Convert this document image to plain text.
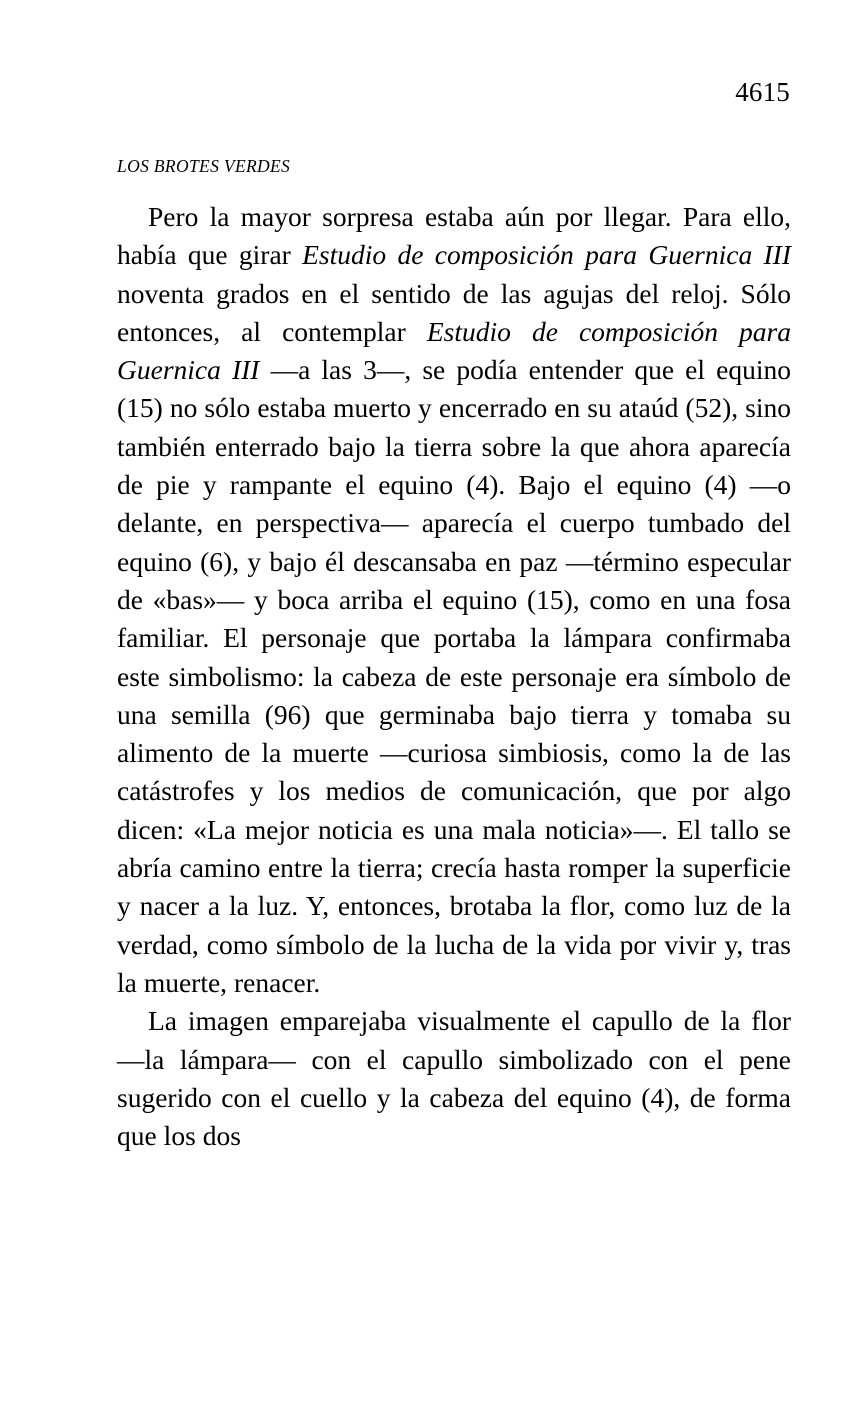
4615
LOS BROTES VERDES

Pero la mayor sorpresa estaba aún por llegar. Para ello, había que girar Estudio de composición para Guernica III noventa grados en el sentido de las agujas del reloj. Sólo entonces, al contemplar Estudio de composición para Guernica III —a las 3—, se podía entender que el equino (15) no sólo estaba muerto y encerrado en su ataúd (52), sino también enterrado bajo la tierra sobre la que ahora aparecía de pie y rampante el equino (4). Bajo el equino (4) —o delante, en perspectiva— aparecía el cuerpo tumbado del equino (6), y bajo él descansaba en paz —término especular de «bas»— y boca arriba el equino (15), como en una fosa familiar. El personaje que portaba la lámpara confirmaba este simbolismo: la cabeza de este personaje era símbolo de una semilla (96) que germinaba bajo tierra y tomaba su alimento de la muerte —curiosa simbiosis, como la de las catástrofes y los medios de comunicación, que por algo dicen: «La mejor noticia es una mala noticia»—. El tallo se abría camino entre la tierra; crecía hasta romper la superficie y nacer a la luz. Y, entonces, brotaba la flor, como luz de la verdad, como símbolo de la lucha de la vida por vivir y, tras la muerte, renacer.

La imagen emparejaba visualmente el capullo de la flor —la lámpara— con el capullo simbolizado con el pene sugerido con el cuello y la cabeza del equino (4), de forma que los dos
